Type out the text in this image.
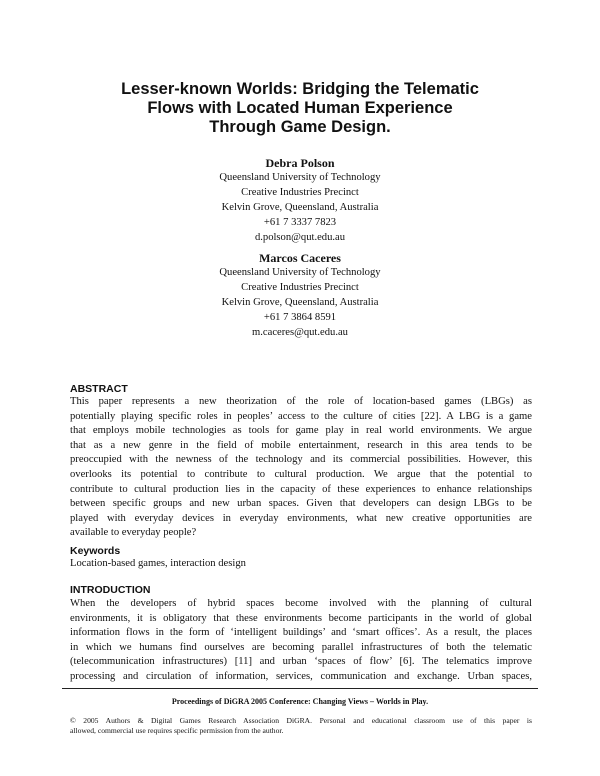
Lesser-known Worlds: Bridging the Telematic
Flows with Located Human Experience
Through Game Design.
Debra Polson
Queensland University of Technology
Creative Industries Precinct
Kelvin Grove, Queensland, Australia
+61 7 3337 7823
d.polson@qut.edu.au
Marcos Caceres
Queensland University of Technology
Creative Industries Precinct
Kelvin Grove, Queensland, Australia
+61 7 3864 8591
m.caceres@qut.edu.au
ABSTRACT
This paper represents a new theorization of the role of location-based games (LBGs) as
potentially playing specific roles in peoples’ access to the culture of cities [22]. A LBG is a game
that employs mobile technologies as tools for game play in real world environments. We argue
that as a new genre in the field of mobile entertainment, research in this area tends to be
preoccupied with the newness of the technology and its commercial possibilities. However, this
overlooks its potential to contribute to cultural production. We argue that the potential to
contribute to cultural production lies in the capacity of these experiences to enhance relationships
between specific groups and new urban spaces. Given that developers can design LBGs to be
played with everyday devices in everyday environments, what new creative opportunities are
available to everyday people?
Keywords
Location-based games, interaction design
INTRODUCTION
When the developers of hybrid spaces become involved with the planning of cultural
environments, it is obligatory that these environments become participants in the world of global
information flows in the form of ‘intelligent buildings’ and ‘smart offices’. As a result, the places
in which we humans find ourselves are becoming parallel infrastructures of both the telematic
(telecommunication infrastructures) [11] and urban ‘spaces of flow’ [6]. The telematics improve
processing and circulation of information, services, communication and exchange. Urban spaces,
Proceedings of DiGRA 2005 Conference: Changing Views – Worlds in Play.
© 2005 Authors & Digital Games Research Association DiGRA. Personal and educational classroom use of this paper is
allowed, commercial use requires specific permission from the author.
